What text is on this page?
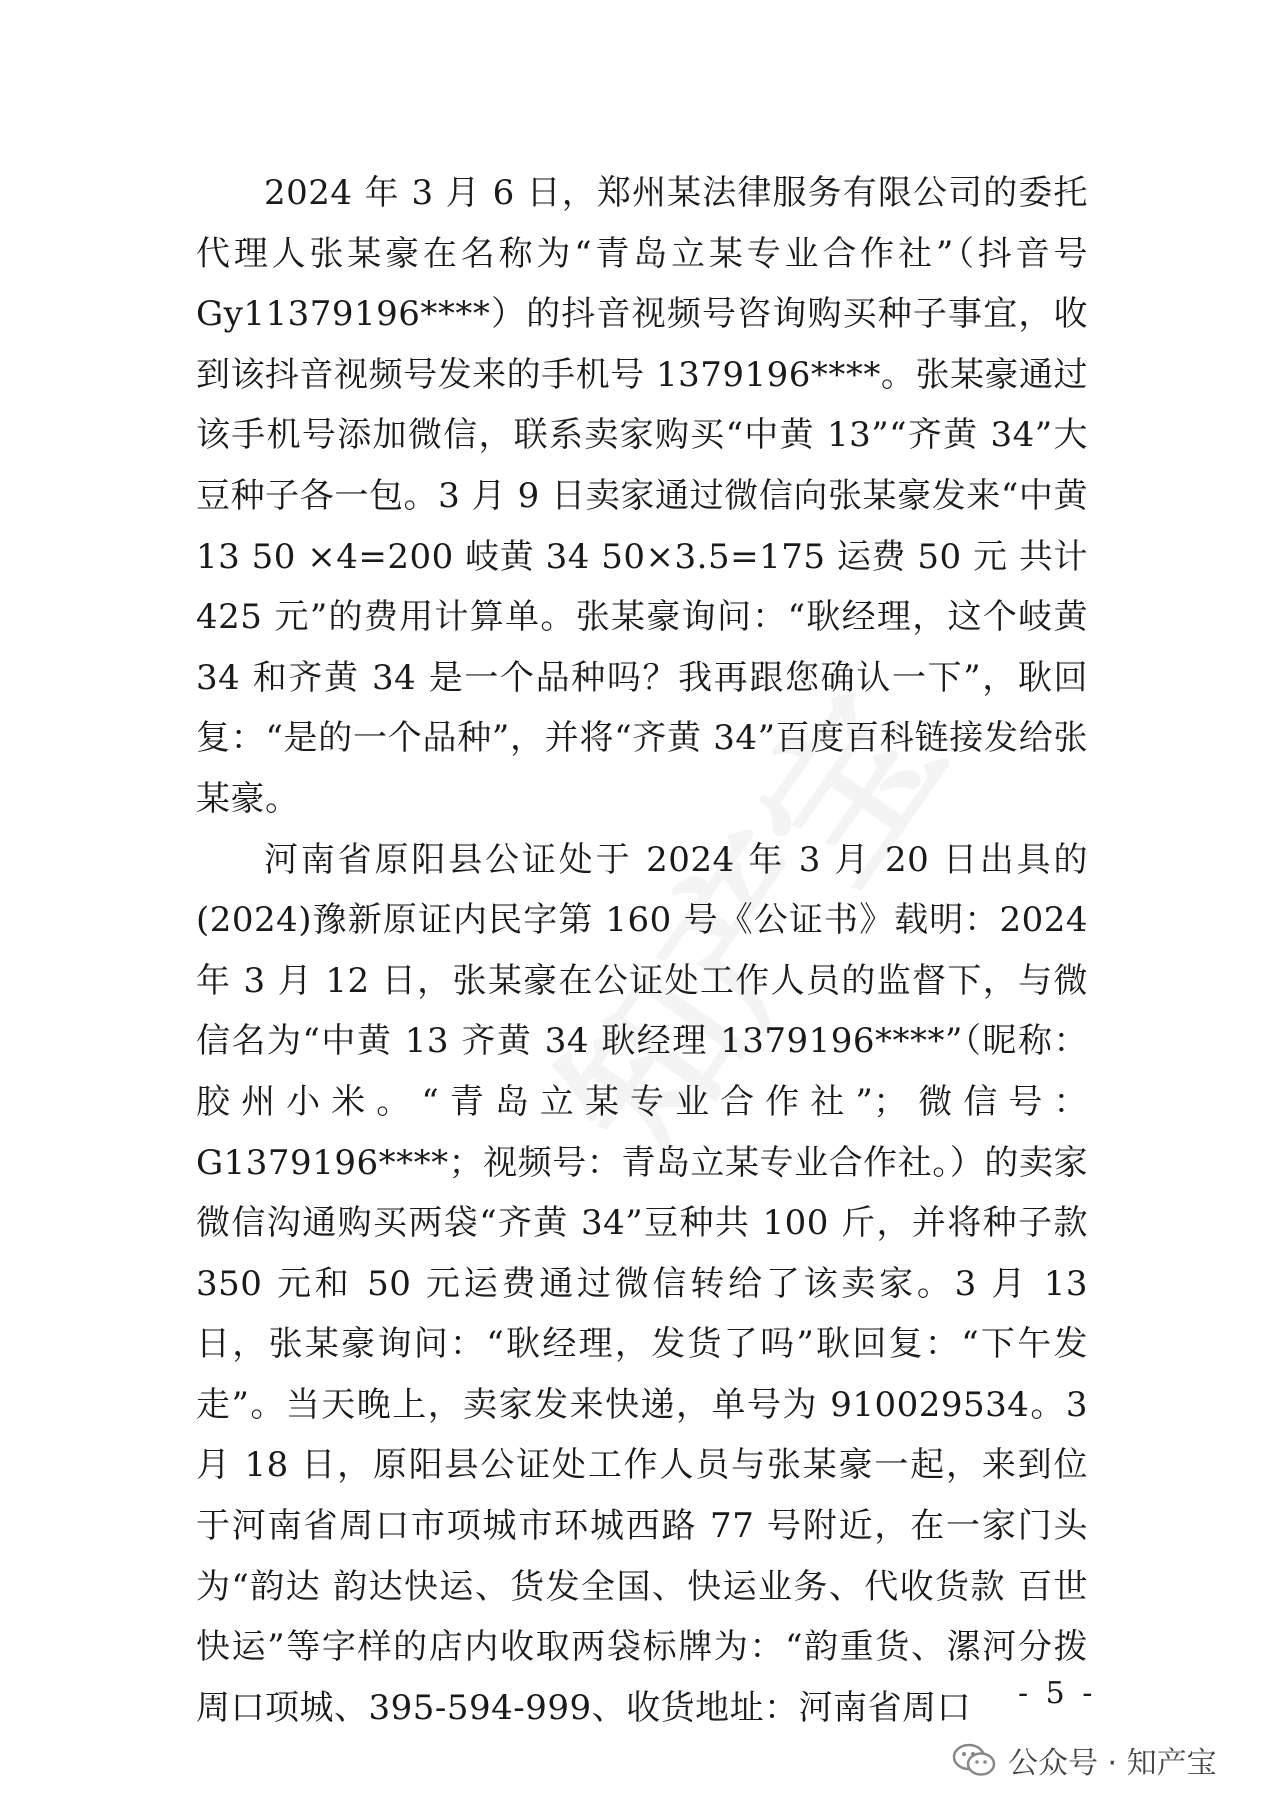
2024 年 3 月 6 日，郑州某法律服务有限公司的委托代理人张某豪在名称为“青岛立某专业合作社”（抖音号 Gy11379196****）的抖音视频号咨询购买种子事宜，收到该抖音视频号发来的手机号 1379196****。张某豪通过该手机号添加微信，联系卖家购买“中黄 13”“齐黄 34”大豆种子各一包。3 月 9 日卖家通过微信向张某豪发来“中黄 13 50 ×4=200 岐黄 34 50×3.5=175 运费 50 元 共计 425 元”的费用计算单。张某豪询问：“耿经理，这个岐黄 34 和齐黄 34 是一个品种吗？我再跟您确认一下”，耿回复：“是的一个品种”，并将“齐黄 34”百度百科链接发给张某豪。

河南省原阳县公证处于 2024 年 3 月 20 日出具的(2024)豫新原证内民字第 160 号《公证书》载明：2024 年 3 月 12 日，张某豪在公证处工作人员的监督下，与微信名为“中黄 13 齐黄 34 耿经理 1379196****”（昵称：胶州小米。“青岛立某专业合作社”；微信号：G1379196****；视频号：青岛立某专业合作社。）的卖家微信沟通购买两袋“齐黄 34”豆种共 100 斤，并将种子款 350 元和 50 元运费通过微信转给了该卖家。3 月 13 日，张某豪询问：“耿经理，发货了吗”耿回复：“下午发走”。当天晚上，卖家发来快递，单号为 910029534。3 月 18 日，原阳县公证处工作人员与张某豪一起，来到位于河南省周口市项城市环城西路 77 号附近，在一家门头为“韵达 韵达快运、货发全国、快运业务、代收货款 百世快运”等字样的店内收取两袋标牌为：“韵重货、漯河分拨周口项城、395-594-999、收货地址：河南省周口	- 5 -
公众号 · 知产宝
